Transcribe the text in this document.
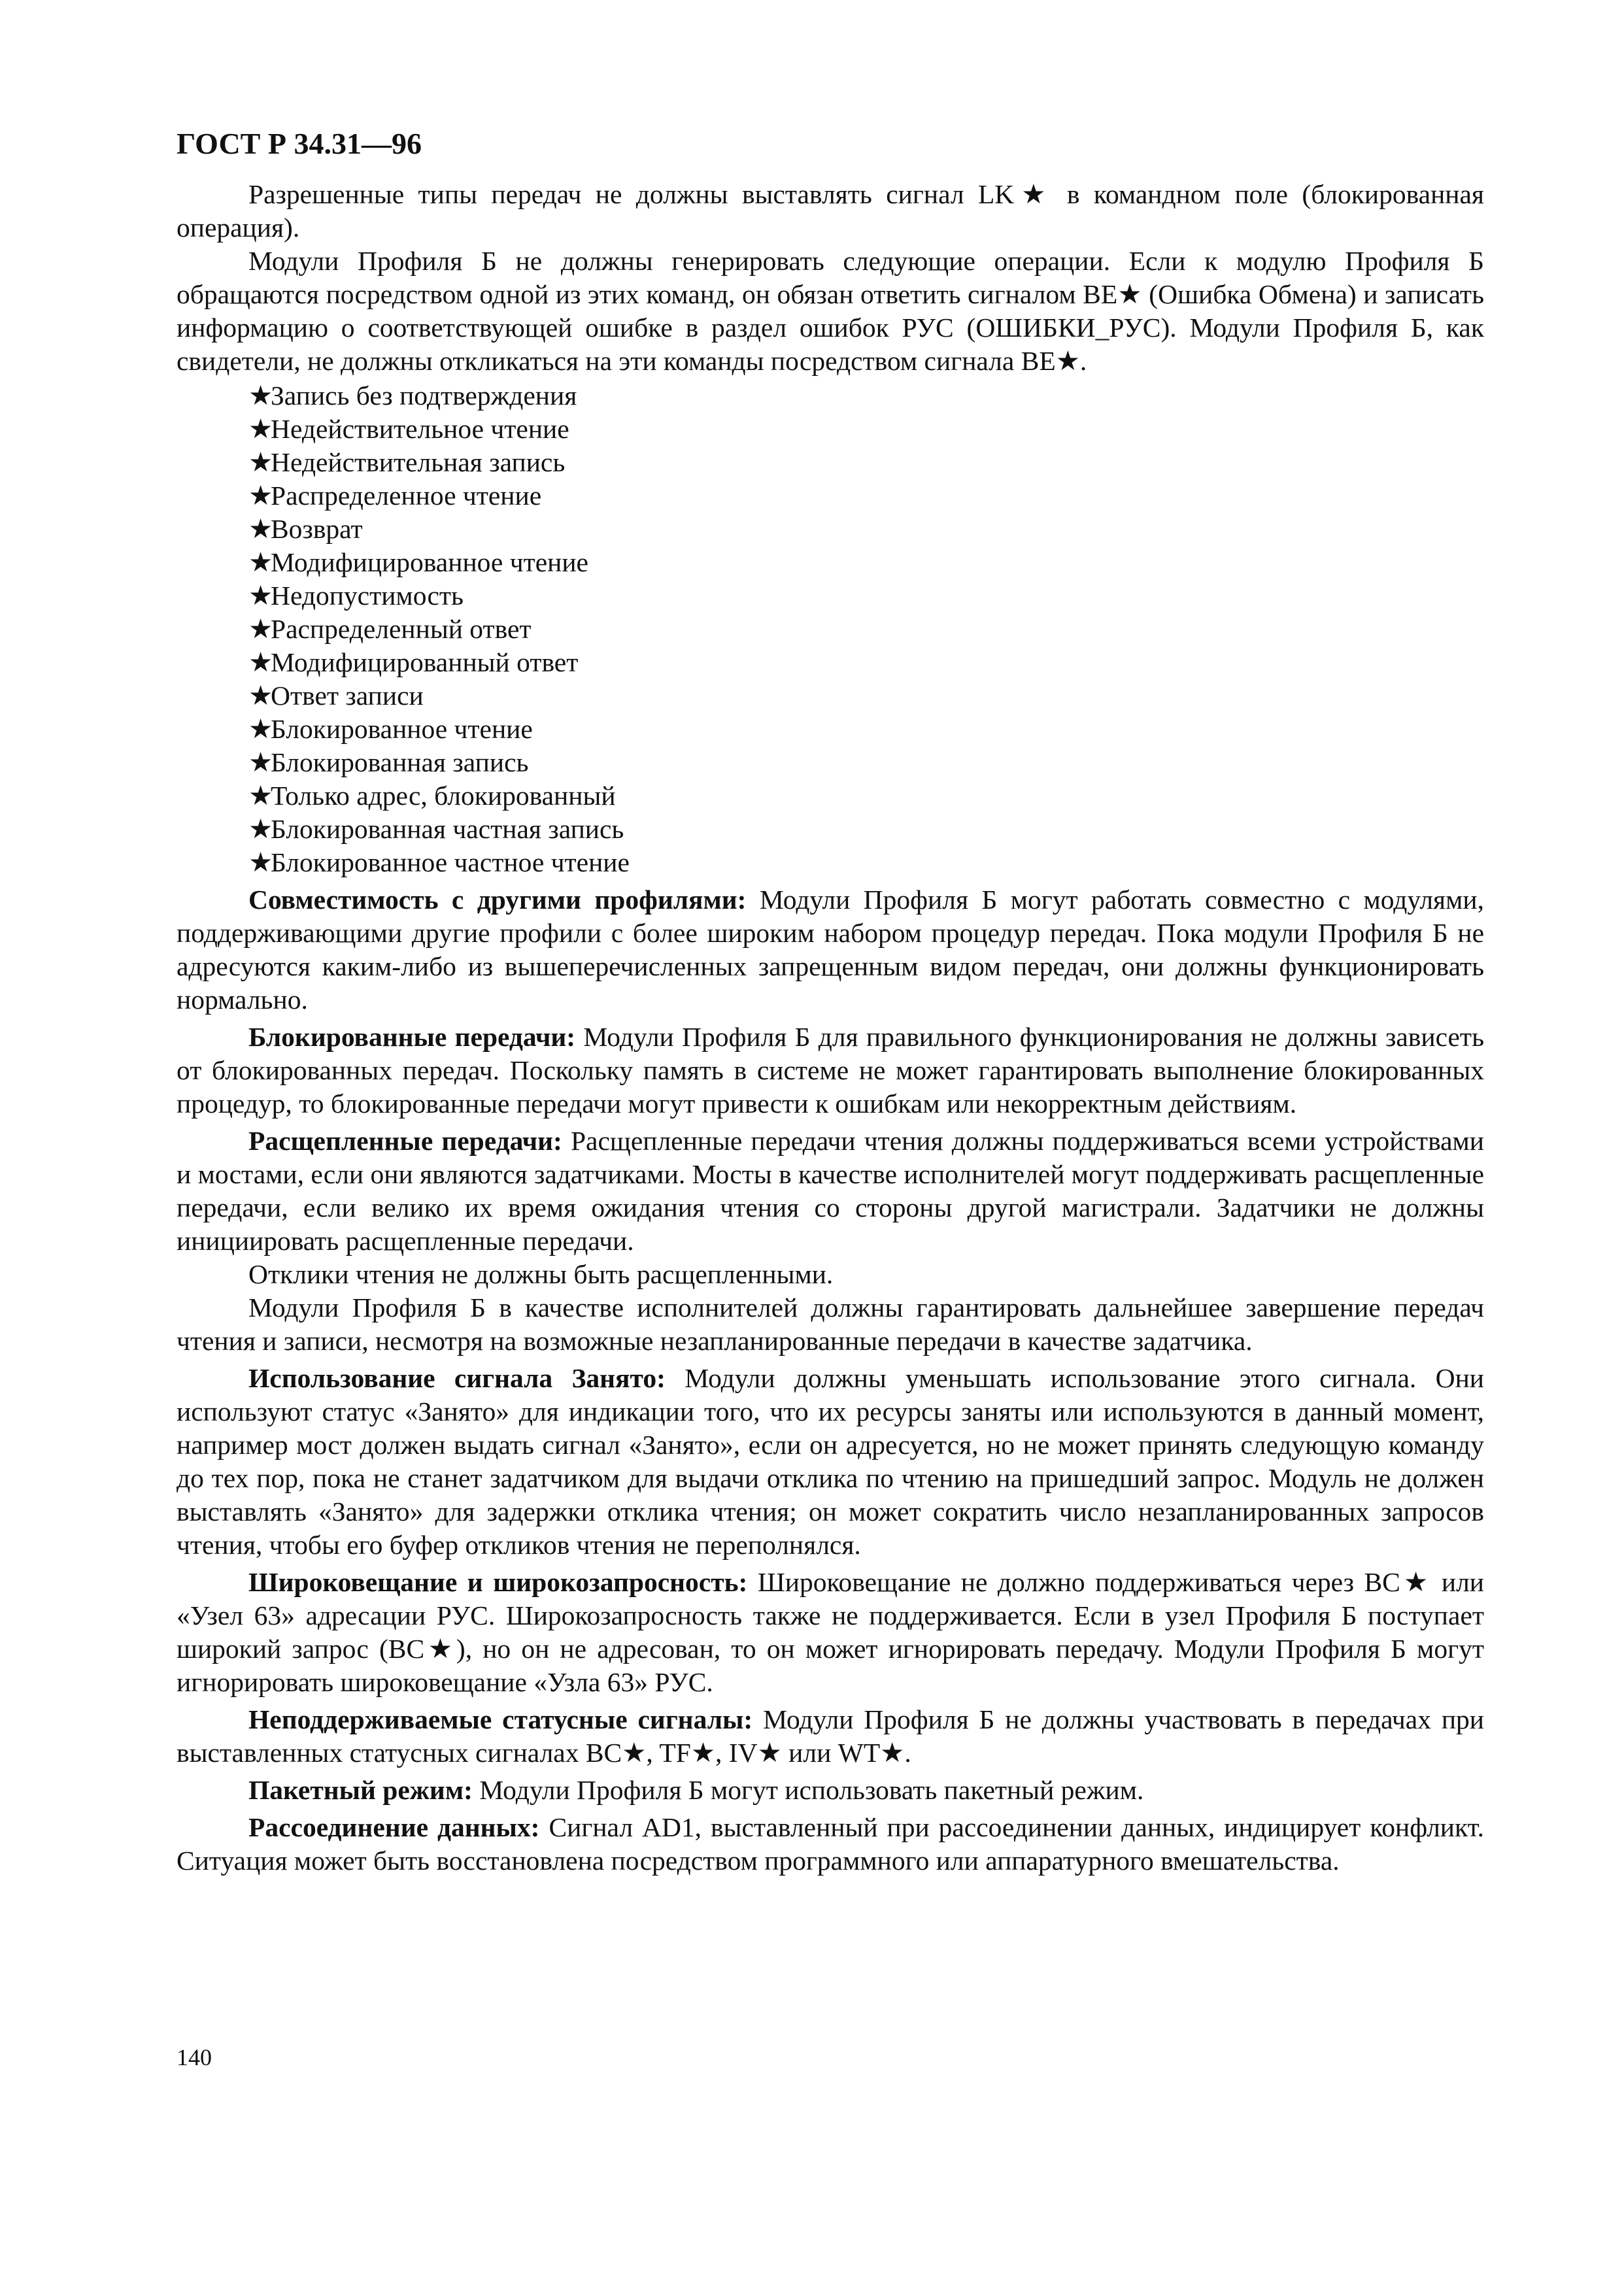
ГОСТ Р 34.31—96

Разрешенные типы передач не должны выставлять сигнал LK★ в командном поле (блокированная операция).

Модули Профиля Б не должны генерировать следующие операции. Если к модулю Профиля Б обращаются посредством одной из этих команд, он обязан ответить сигналом BE★ (Ошибка Обмена) и записать информацию о соответствующей ошибке в раздел ошибок РУС (ОШИБКИ_РУС). Модули Профиля Б, как свидетели, не должны откликаться на эти команды посредством сигнала BE★.

★Запись без подтверждения
★Недействительное чтение
★Недействительная запись
★Распределенное чтение
★Возврат
★Модифицированное чтение
★Недопустимость
★Распределенный ответ
★Модифицированный ответ
★Ответ записи
★Блокированное чтение
★Блокированная запись
★Только адрес, блокированный
★Блокированная частная запись
★Блокированное частное чтение

Совместимость с другими профилями: Модули Профиля Б могут работать совместно с модулями, поддерживающими другие профили с более широким набором процедур передач. Пока модули Профиля Б не адресуются каким-либо из вышеперечисленных запрещенным видом передач, они должны функционировать нормально.

Блокированные передачи: Модули Профиля Б для правильного функционирования не должны зависеть от блокированных передач. Поскольку память в системе не может гарантировать выполнение блокированных процедур, то блокированные передачи могут привести к ошибкам или некорректным действиям.

Расщепленные передачи: Расщепленные передачи чтения должны поддерживаться всеми устройствами и мостами, если они являются задатчиками. Мосты в качестве исполнителей могут поддерживать расщепленные передачи, если велико их время ожидания чтения со стороны другой магистрали. Задатчики не должны инициировать расщепленные передачи.

Отклики чтения не должны быть расщепленными.

Модули Профиля Б в качестве исполнителей должны гарантировать дальнейшее завершение передач чтения и записи, несмотря на возможные незапланированные передачи в качестве задатчика.

Использование сигнала Занято: Модули должны уменьшать использование этого сигнала. Они используют статус «Занято» для индикации того, что их ресурсы заняты или используются в данный момент, например мост должен выдать сигнал «Занято», если он адресуется, но не может принять следующую команду до тех пор, пока не станет задатчиком для выдачи отклика по чтению на пришедший запрос. Модуль не должен выставлять «Занято» для задержки отклика чтения; он может сократить число незапланированных запросов чтения, чтобы его буфер откликов чтения не переполнялся.

Широковещание и широкозапросность: Широковещание не должно поддерживаться через BC★ или «Узел 63» адресации РУС. Широкозапросность также не поддерживается. Если в узел Профиля Б поступает широкий запрос (BC★), но он не адресован, то он может игнорировать передачу. Модули Профиля Б могут игнорировать широковещание «Узла 63» РУС.

Неподдерживаемые статусные сигналы: Модули Профиля Б не должны участвовать в передачах при выставленных статусных сигналах BC★, TF★, IV★ или WT★.

Пакетный режим: Модули Профиля Б могут использовать пакетный режим.

Рассоединение данных: Сигнал AD1, выставленный при рассоединении данных, индицирует конфликт. Ситуация может быть восстановлена посредством программного или аппаратурного вмешательства.

140
